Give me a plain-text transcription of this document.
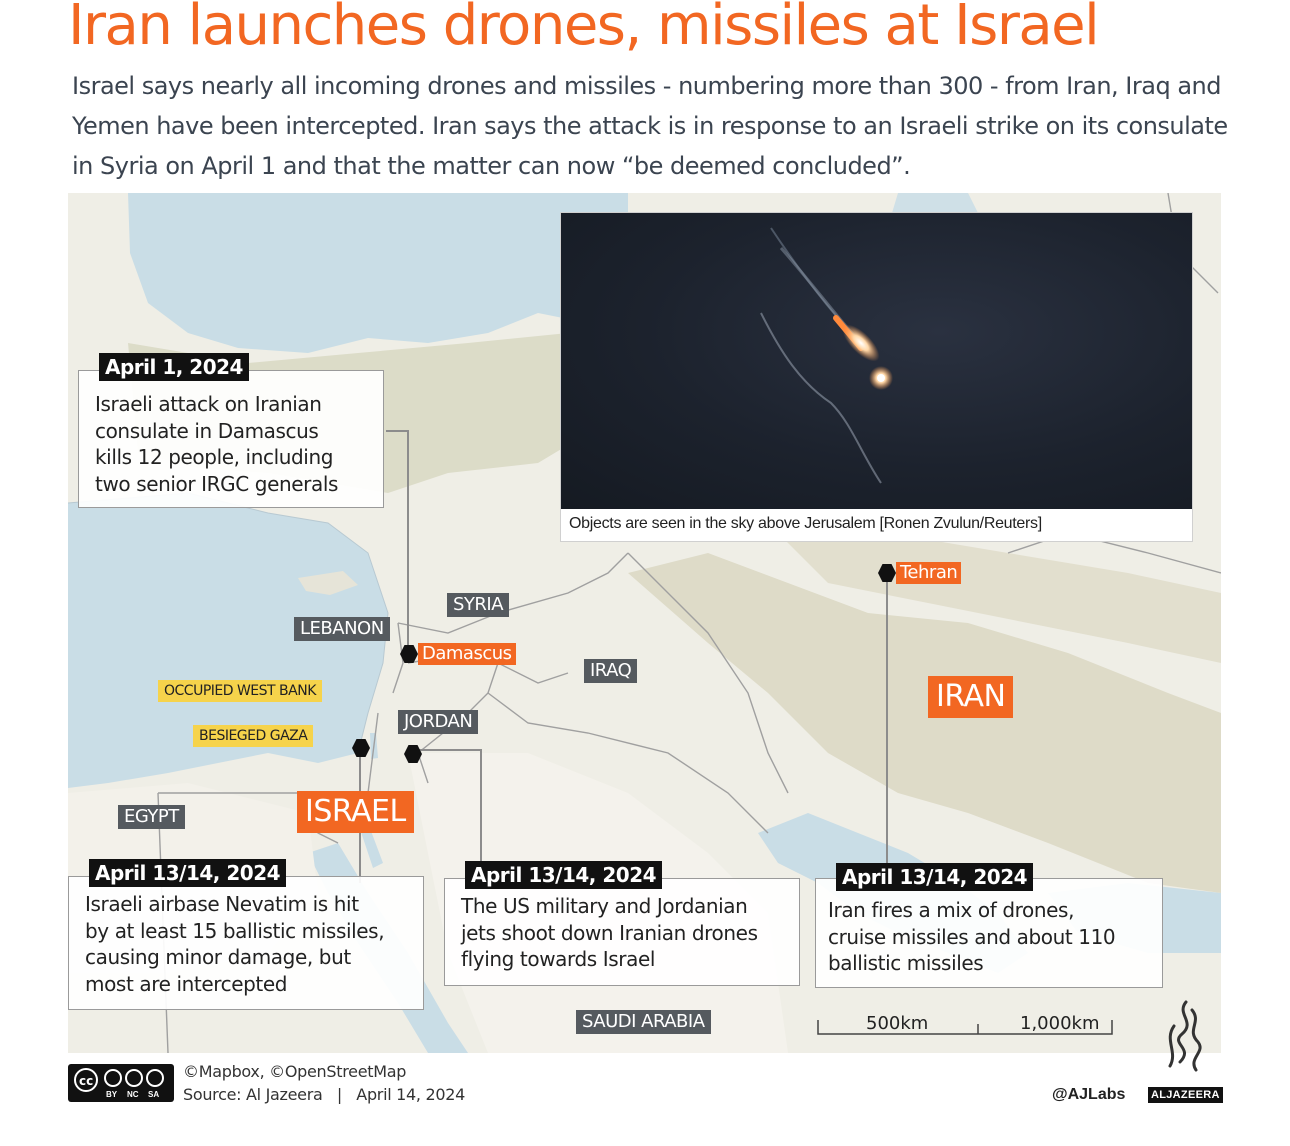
Iran launches drones, missiles at Israel
Israel says nearly all incoming drones and missiles - numbering more than 300 - from Iran, Iraq and Yemen have been intercepted. Iran says the attack is in response to an Israeli strike on its consulate in Syria on April 1 and that the matter can now “be deemed concluded”.
Objects are seen in the sky above Jerusalem [Ronen Zvulun/Reuters]
SYRIA
LEBANON
Damascus
IRAQ
OCCUPIED WEST BANK
JORDAN
BESIEGED GAZA
EGYPT	ISRAEL
IRAN
Tehran
SAUDI ARABIA
April 1, 2024
Israeli attack on Iranian
consulate in Damascus
kills 12 people, including
two senior IRGC generals
April 13/14, 2024
Israeli airbase Nevatim is hit
by at least 15 ballistic missiles,
causing minor damage, but
most are intercepted
April 13/14, 2024
The US military and Jordanian
jets shoot down Iranian drones
flying towards Israel
April 13/14, 2024
Iran fires a mix of drones,
cruise missiles and about 110
ballistic missiles
500km	1,000km
cc
BY NC SA
©Mapbox, ©OpenStreetMap
Source: Al Jazeera   |   April 14, 2024	@AJLabs ALJAZEERA
